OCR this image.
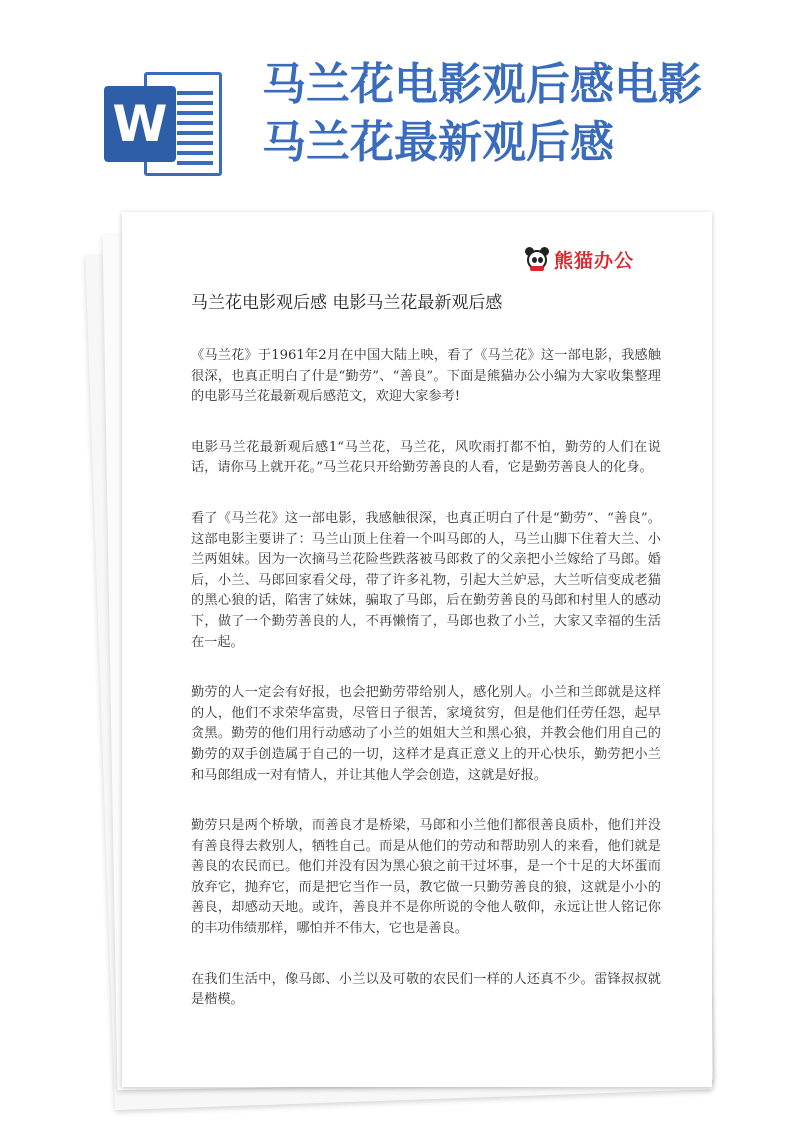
W
马兰花电影观后感电影
马兰花最新观后感
熊猫办公
马兰花电影观后感 电影马兰花最新观后感

《马兰花》于1961年2月在中国大陆上映，看了《马兰花》这一部电影，我感触很深，也真正明白了什是“勤劳”、“善良”。下面是熊猫办公小编为大家收集整理的电影马兰花最新观后感范文，欢迎大家参考!

电影马兰花最新观后感1“马兰花，马兰花，风吹雨打都不怕，勤劳的人们在说话，请你马上就开花。”马兰花只开给勤劳善良的人看，它是勤劳善良人的化身。

看了《马兰花》这一部电影，我感触很深，也真正明白了什是“勤劳”、“善良”。这部电影主要讲了：马兰山顶上住着一个叫马郎的人，马兰山脚下住着大兰、小兰两姐妹。因为一次摘马兰花险些跌落被马郎救了的父亲把小兰嫁给了马郎。婚后，小兰、马郎回家看父母，带了许多礼物，引起大兰妒忌，大兰听信变成老猫的黑心狼的话，陷害了妹妹，骗取了马郎，后在勤劳善良的马郎和村里人的感动下，做了一个勤劳善良的人，不再懒惰了，马郎也救了小兰，大家又幸福的生活在一起。

勤劳的人一定会有好报，也会把勤劳带给别人，感化别人。小兰和兰郎就是这样的人，他们不求荣华富贵，尽管日子很苦，家境贫穷，但是他们任劳任怨，起早贪黑。勤劳的他们用行动感动了小兰的姐姐大兰和黑心狼，并教会他们用自己的勤劳的双手创造属于自己的一切，这样才是真正意义上的开心快乐，勤劳把小兰和马郎组成一对有情人，并让其他人学会创造，这就是好报。

勤劳只是两个桥墩，而善良才是桥梁，马郎和小兰他们都很善良质朴，他们并没有善良得去救别人，牺牲自己。而是从他们的劳动和帮助别人的来看，他们就是善良的农民而已。他们并没有因为黑心狼之前干过坏事，是一个十足的大坏蛋而放弃它，抛弃它，而是把它当作一员，教它做一只勤劳善良的狼，这就是小小的善良，却感动天地。或许，善良并不是你所说的令他人敬仰，永远让世人铭记你的丰功伟绩那样，哪怕并不伟大，它也是善良。

在我们生活中，像马郎、小兰以及可敬的农民们一样的人还真不少。雷锋叔叔就是楷模。
